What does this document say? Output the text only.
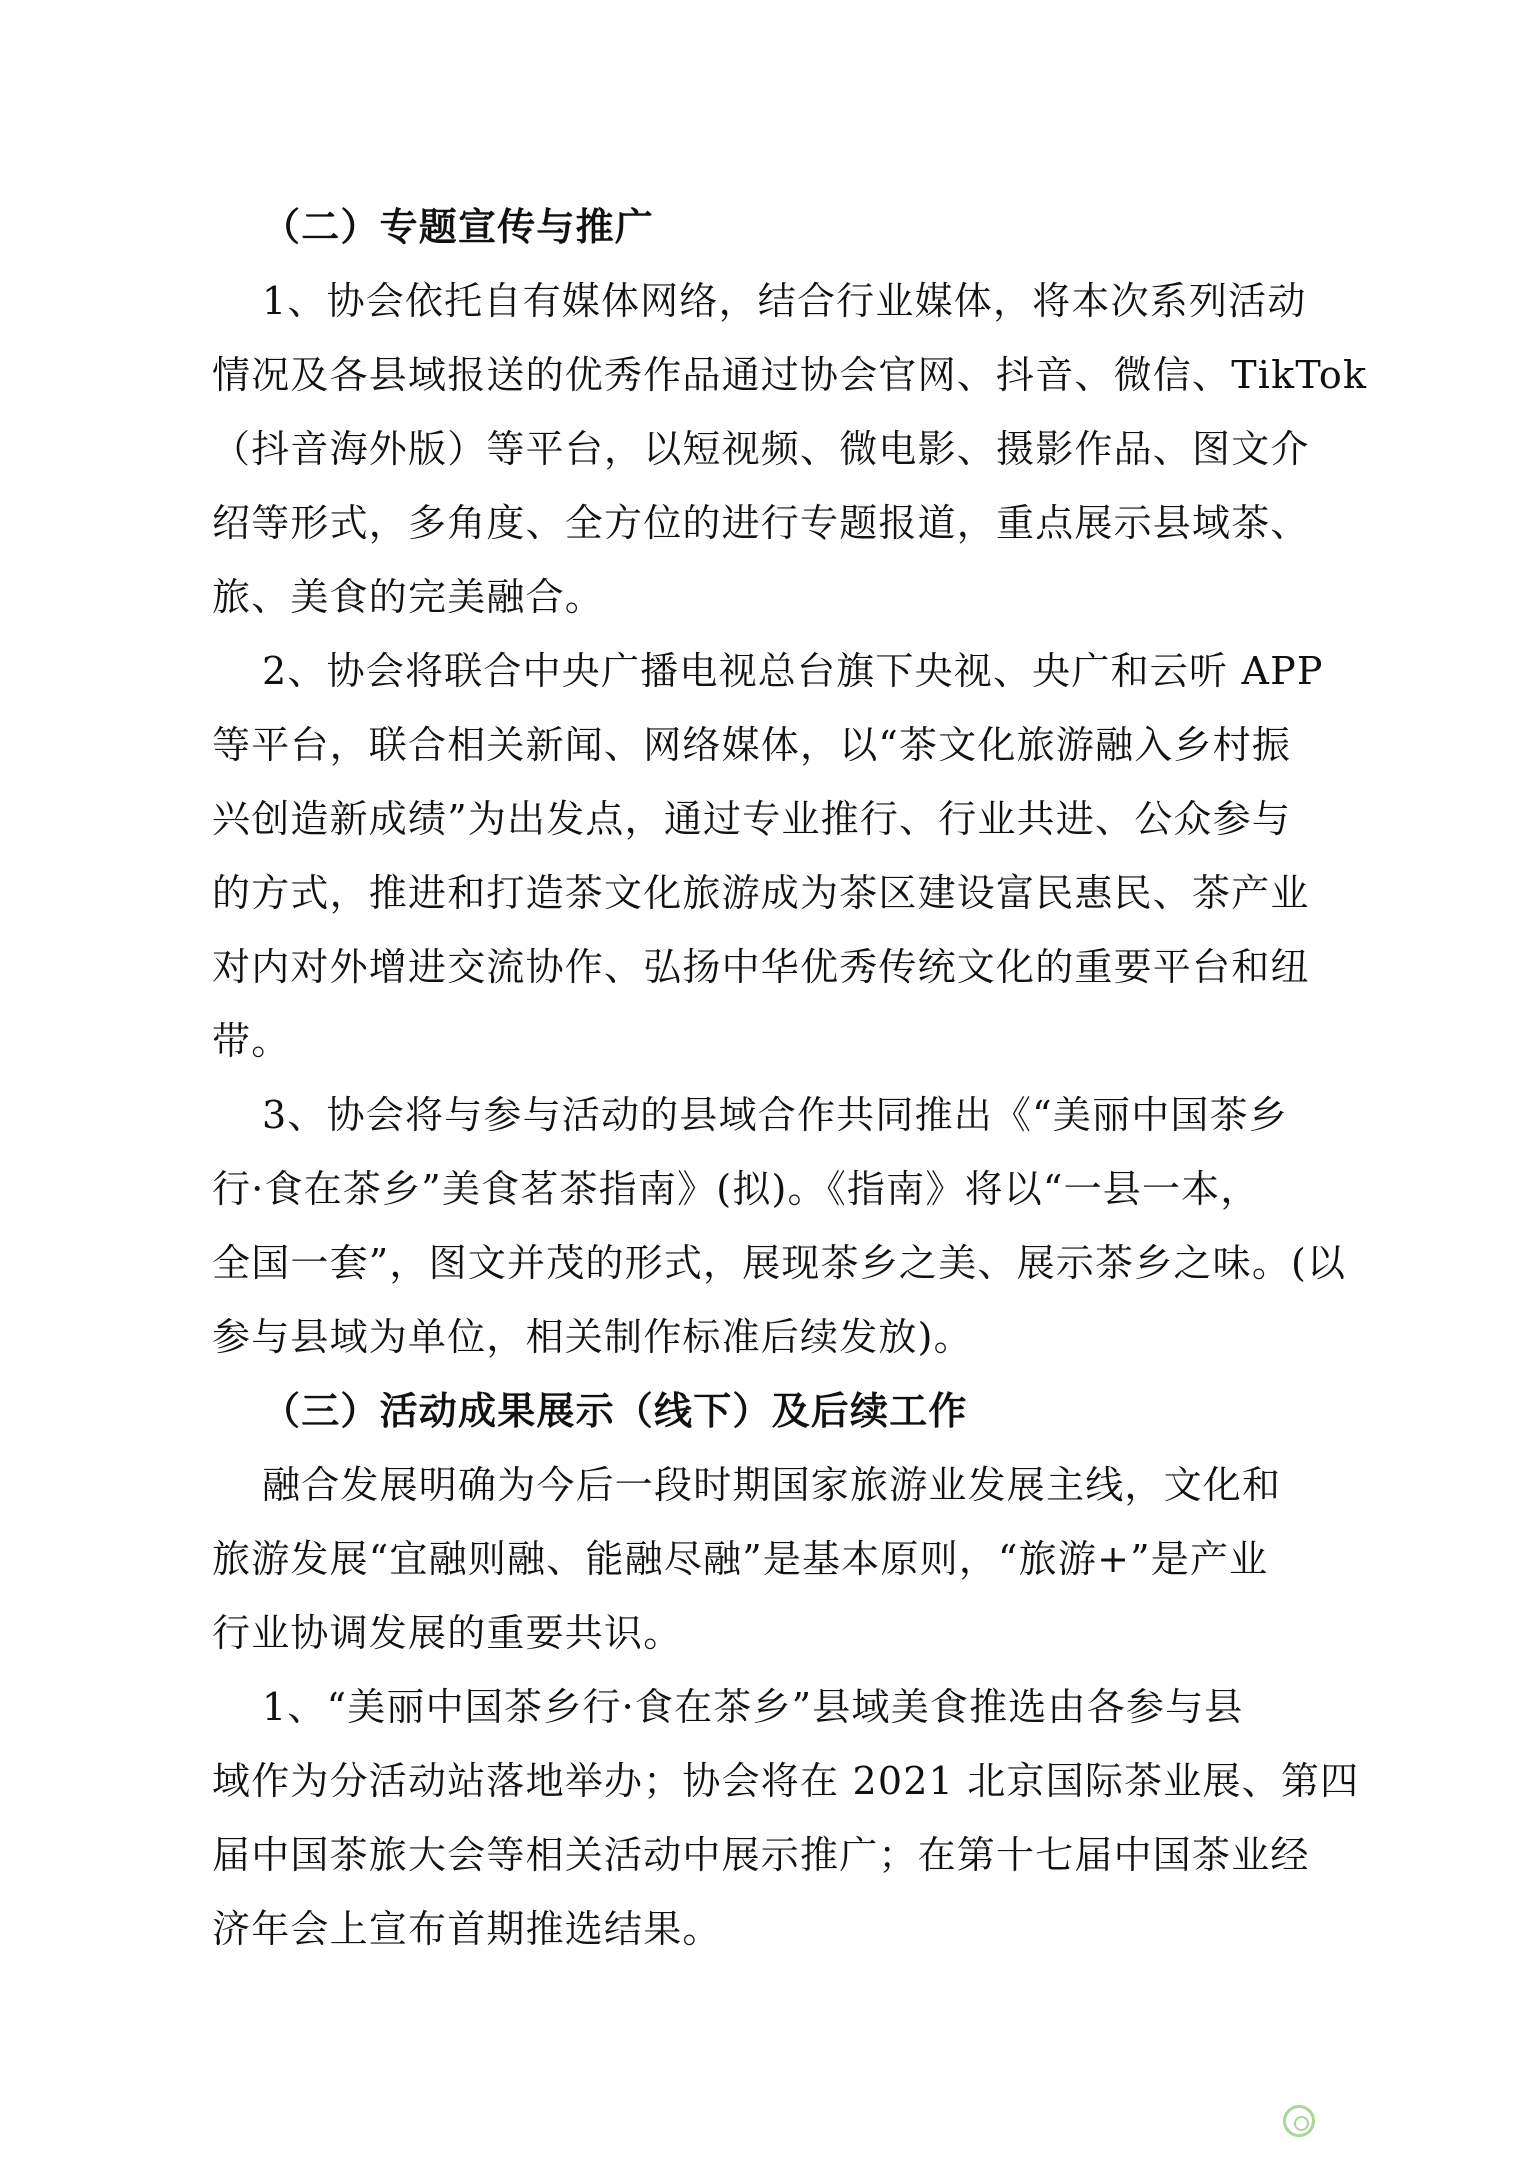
（二）专题宣传与推广
1、协会依托自有媒体网络，结合行业媒体，将本次系列活动
情况及各县域报送的优秀作品通过协会官网、抖音、微信、TikTok
（抖音海外版）等平台，以短视频、微电影、摄影作品、图文介
绍等形式，多角度、全方位的进行专题报道，重点展示县域茶、
旅、美食的完美融合。
2、协会将联合中央广播电视总台旗下央视、央广和云听 APP
等平台，联合相关新闻、网络媒体，以“茶文化旅游融入乡村振
兴创造新成绩”为出发点，通过专业推行、行业共进、公众参与
的方式，推进和打造茶文化旅游成为茶区建设富民惠民、茶产业
对内对外增进交流协作、弘扬中华优秀传统文化的重要平台和纽
带。
3、协会将与参与活动的县域合作共同推出《“美丽中国茶乡
行·食在茶乡”美食茗茶指南》(拟)。《指南》将以“一县一本，
全国一套”，图文并茂的形式，展现茶乡之美、展示茶乡之味。(以
参与县域为单位，相关制作标准后续发放)。
（三）活动成果展示（线下）及后续工作
融合发展明确为今后一段时期国家旅游业发展主线，文化和
旅游发展“宜融则融、能融尽融”是基本原则，“旅游+”是产业
行业协调发展的重要共识。
1、“美丽中国茶乡行·食在茶乡”县域美食推选由各参与县
域作为分活动站落地举办；协会将在 2021 北京国际茶业展、第四
届中国茶旅大会等相关活动中展示推广；在第十七届中国茶业经
济年会上宣布首期推选结果。
